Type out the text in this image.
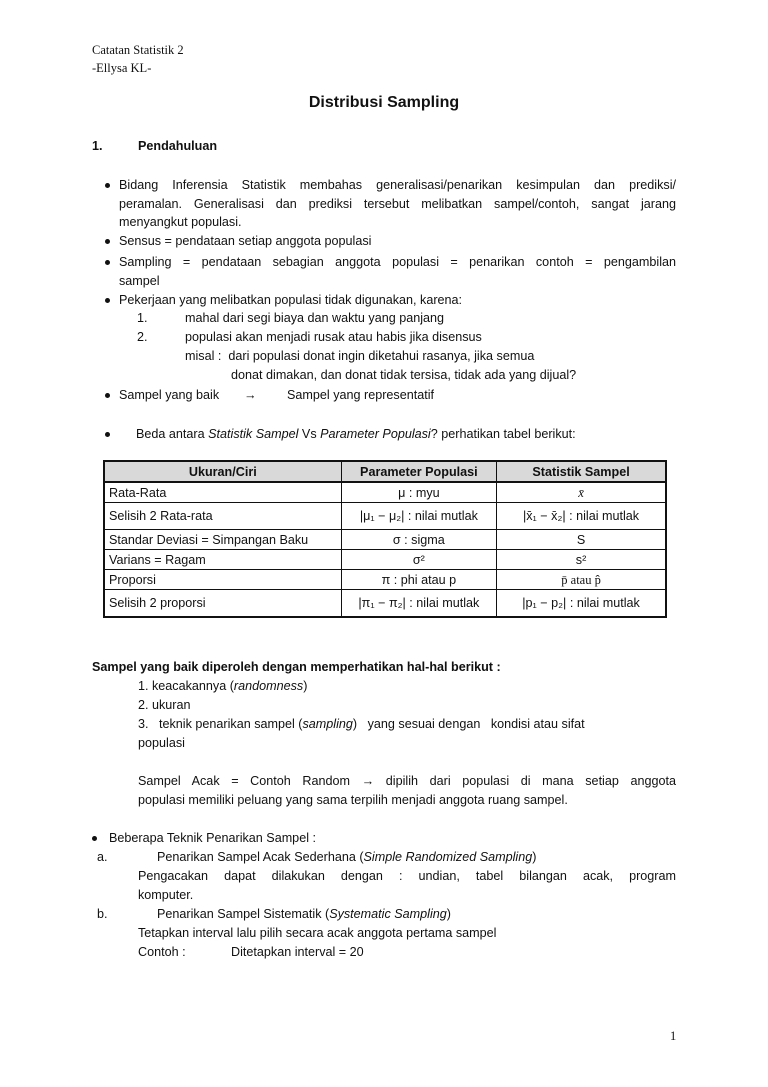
Catatan Statistik 2
-Ellysa KL-
Distribusi Sampling
1.	Pendahuluan
Bidang Inferensia Statistik membahas generalisasi/penarikan kesimpulan dan prediksi/
peramalan. Generalisasi dan prediksi tersebut melibatkan sampel/contoh, sangat jarang
menyangkut populasi.
Sensus = pendataan setiap anggota populasi
Sampling = pendataan sebagian anggota populasi = penarikan contoh = pengambilan
sampel
Pekerjaan yang melibatkan populasi tidak digunakan, karena:
1.	mahal dari segi biaya dan waktu yang panjang
2.	populasi akan menjadi rusak atau habis jika disensus
misal :  dari populasi donat ingin diketahui rasanya, jika semua
donat dimakan, dan donat tidak tersisa, tidak ada yang dijual?
Sampel yang baik → Sampel yang representatif
Beda antara Statistik Sampel Vs Parameter Populasi? perhatikan tabel berikut:
Ukuran/Ciri	Parameter Populasi	Statistik Sampel
Rata-Rata	μ : myu	x̄
Selisih 2 Rata-rata	|μ₁ − μ₂| : nilai mutlak	|x̄₁ − x̄₂| : nilai mutlak
Standar Deviasi = Simpangan Baku	σ : sigma	S
Varians = Ragam	σ²	s²
Proporsi	π : phi atau p	p̄ atau p̂
Selisih 2 proporsi	|π₁ − π₂| : nilai mutlak	|p₁ − p₂| : nilai mutlak
Sampel yang baik diperoleh dengan memperhatikan hal-hal berikut :
1. keacakannya (randomness)
2. ukuran
3.   teknik penarikan sampel (sampling)   yang sesuai dengan   kondisi atau sifat
populasi
Sampel Acak = Contoh Random → dipilih dari populasi di mana setiap anggota
populasi memiliki peluang yang sama terpilih menjadi anggota ruang sampel.
Beberapa Teknik Penarikan Sampel :
a.	Penarikan Sampel Acak Sederhana (Simple Randomized Sampling)
Pengacakan dapat dilakukan dengan : undian, tabel bilangan acak, program
komputer.
b.	Penarikan Sampel Sistematik (Systematic Sampling)
Tetapkan interval lalu pilih secara acak anggota pertama sampel
Contoh :	Ditetapkan interval = 20
1
